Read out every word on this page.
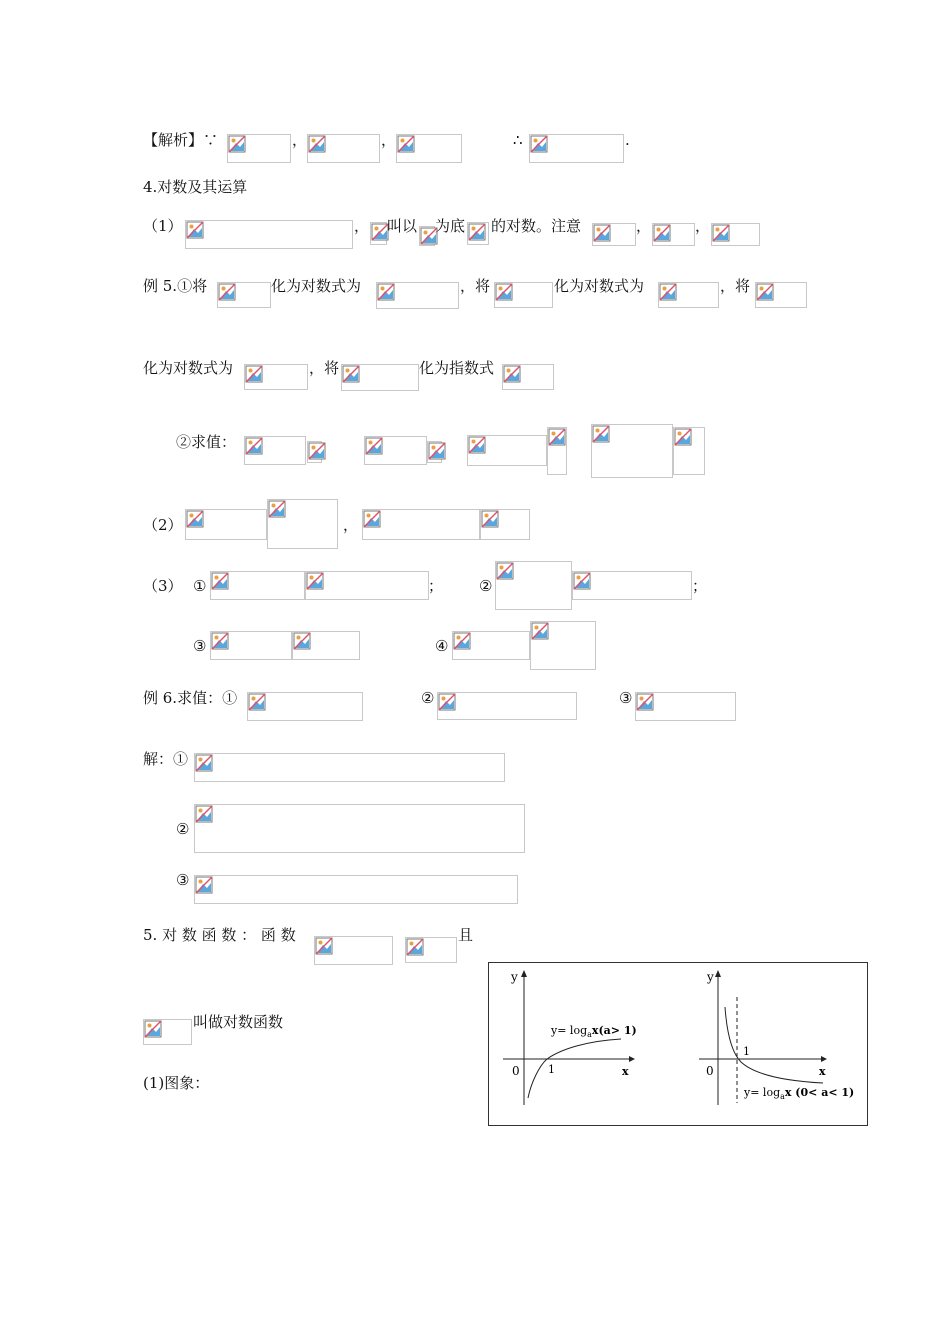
【解析】∵	，	，	∴	.
4.对数及其运算
（1）	， 叫以 为底 的对数。注意	，	，
例 5.①将	化为对数式为	，将	化为对数式为	，将
化为对数式为	，将	化为指数式
②求值：
（2）	，
（3） ①	； ②	；
③	④
例 6.求值：①	②	③
解：①
②
③
5. 对 数 函 数 ： 函 数	且
叫做对数函数
(1)图象：
y
x
0	1
$y= \log_ax(a> 1)$
y
x
0
1
$y= \log_ax$ (0< a< 1)
